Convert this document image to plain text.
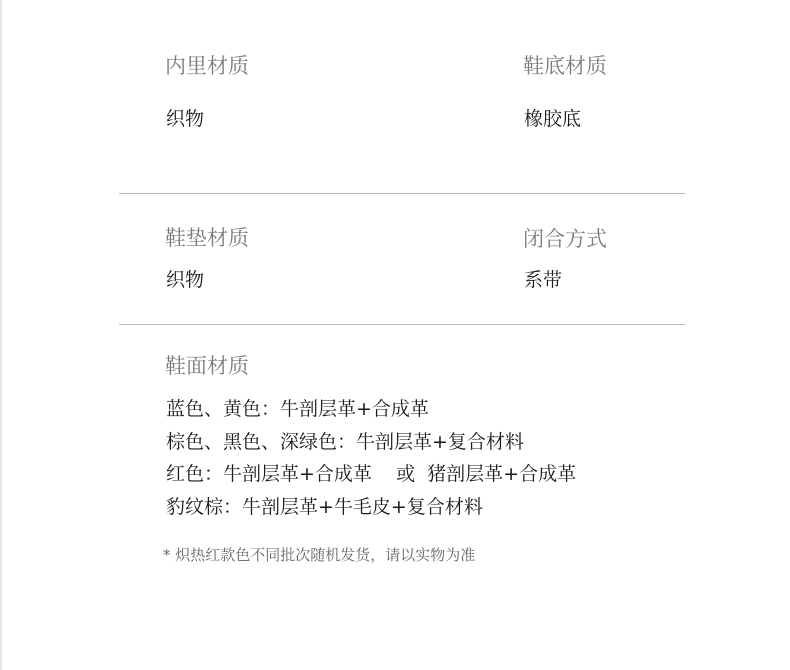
内里材质
织物
鞋底材质
橡胶底
鞋垫材质
织物
闭合方式
系带
鞋面材质
蓝色、黄色：牛剖层革+合成革
棕色、黑色、深绿色：牛剖层革+复合材料
红色：牛剖层革+合成革    或  猪剖层革+合成革
豹纹棕：牛剖层革+牛毛皮+复合材料
* 炽热红款色不同批次随机发货，请以实物为准
